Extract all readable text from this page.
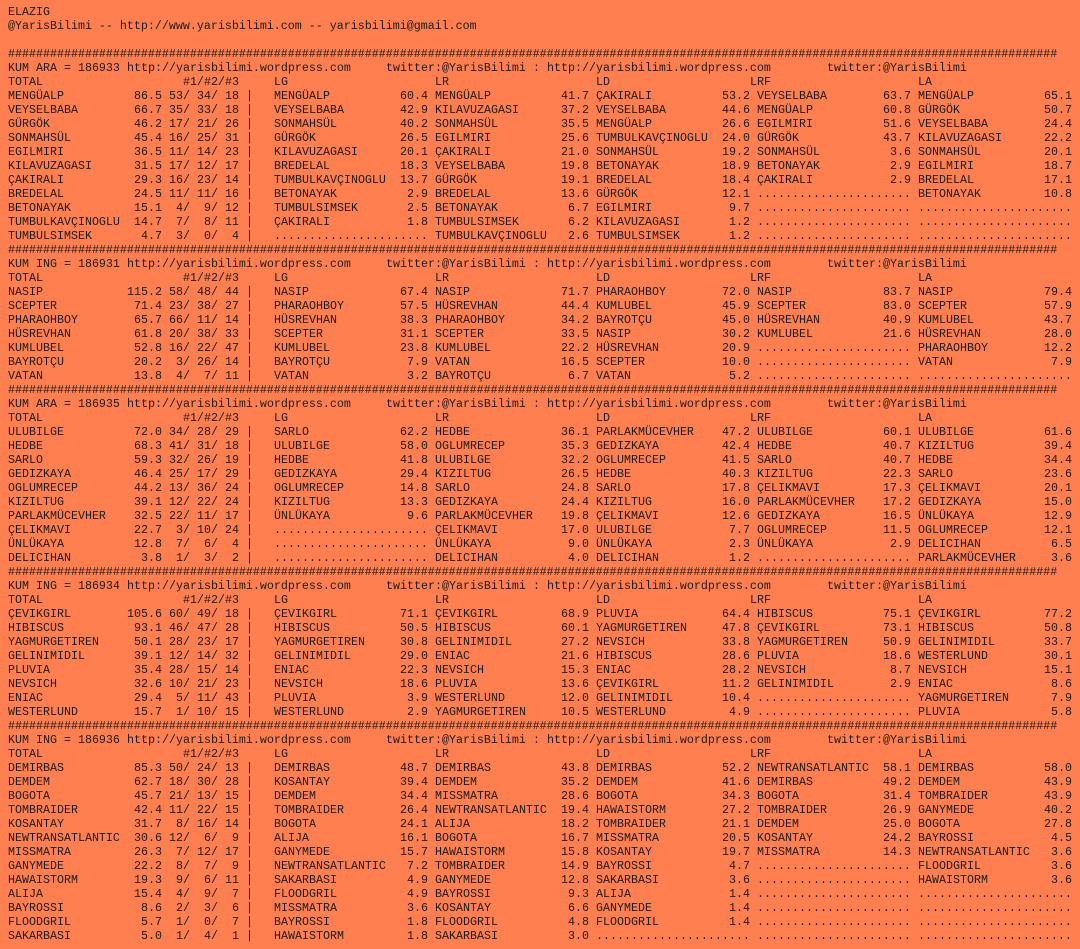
ELAZIG
@YarisBilimi -- http://www.yarisbilimi.com -- yarisbilimi@gmail.com
######################################################################################################################################################
KUM ARA = 186933 http://yarisbilimi.wordpress.com	twitter:@YarisBilimi : http://yarisbilimi.wordpress.com	twitter:@YarisBilimi
TOTAL	#1/#2/#3	LG	LR	LD	LRF	LA
MENGÜALP	86.5 53 / 34 / 18 | MENGÜALP	60.4 MENGÜALP	41.7 ÇAKIRALI	53.2 VEYSELBABA	63.7 MENGÜALP	65.1
VEYSELBABA	66.7 35 / 33 / 18 | VEYSELBABA	42.9 KILAVUZAGASI	37.2 VEYSELBABA	44.6 MENGÜALP	60.8 GÜRGÖK	50.7
GÜRGÖK	46.2 17 / 21 / 26 | SONMAHSÜL	40.2 SONMAHSÜL	35.5 MENGÜALP	26.6 EGILMIRI	51.6 VEYSELBABA	24.4
SONMAHSÜL	45.4 16 / 25 / 31 | GÜRGÖK	26.5 EGILMIRI	25.6 TUMBULKAVÇINOGLU	24.0 GÜRGÖK	43.7 KILAVUZAGASI	22.2
EGILMIRI	36.5 11 / 14 / 23 | KILAVUZAGASI	20.1 ÇAKIRALI	21.0 SONMAHSÜL	19.2 SONMAHSÜL	3.6 SONMAHSÜL	20.1
KILAVUZAGASI	31.5 17 / 12 / 17 | BREDELAL	18.3 VEYSELBABA	19.8 BETONAYAK	18.9 BETONAYAK	2.9 EGILMIRI	18.7
ÇAKIRALI	29.3 16 / 23 / 14 | TUMBULKAVÇINOGLU	13.7 GÜRGÖK	19.1 BREDELAL	18.4 ÇAKIRALI	2.9 BREDELAL	17.1
BREDELAL	24.5 11 / 11 / 16 | BETONAYAK	2.9 BREDELAL	13.6 GÜRGÖK	12.1 ...................... BETONAYAK	10.8
BETONAYAK	15.1	4 /	9 / 12 | TUMBULSIMSEK	2.5 BETONAYAK	6.7 EGILMIRI	9.7 ...................... ......................
TUMBULKAVÇINOGLU	14.7	7 /	8 / 11 | ÇAKIRALI	1.8 TUMBULSIMSEK	6.2 KILAVUZAGASI	1.2 ...................... ......................
TUMBULSIMSEK	4.7	3 /	0 /	4 | ...................... TUMBULKAVÇINOGLU	2.6 TUMBULSIMSEK	1.2 ...................... ......................
######################################################################################################################################################
KUM ING = 186931 http://yarisbilimi.wordpress.com	twitter:@YarisBilimi : http://yarisbilimi.wordpress.com	twitter:@YarisBilimi
TOTAL	#1/#2/#3	LG	LR	LD	LRF	LA
NASIP	115.2 58 / 48 / 44 | NASIP	67.4 NASIP	71.7 PHARAOHBOY	72.0 NASIP	83.7 NASIP	79.4
SCEPTER	71.4 23 / 38 / 27 | PHARAOHBOY	57.5 HÜSREVHAN	44.4 KUMLUBEL	45.9 SCEPTER	83.0 SCEPTER	57.9
PHARAOHBOY	65.7 66 / 11 / 14 | HÜSREVHAN	38.3 PHARAOHBOY	34.2 BAYROTÇU	45.0 HÜSREVHAN	40.9 KUMLUBEL	43.7
HÜSREVHAN	61.8 20 / 38 / 33 | SCEPTER	31.1 SCEPTER	33.5 NASIP	30.2 KUMLUBEL	21.6 HÜSREVHAN	28.0
KUMLUBEL	52.8 16 / 22 / 47 | KUMLUBEL	23.8 KUMLUBEL	22.2 HÜSREVHAN	20.9 ...................... PHARAOHBOY	12.2
BAYROTÇU	20.2	3 / 26 / 14 | BAYROTÇU	7.9 VATAN	16.5 SCEPTER	10.0 ...................... VATAN	7.9
VATAN	13.8	4 /	7 / 11 | VATAN	3.2 BAYROTÇU	6.7 VATAN	5.2 ...................... ......................
######################################################################################################################################################
KUM ARA = 186935 http://yarisbilimi.wordpress.com	twitter:@YarisBilimi : http://yarisbilimi.wordpress.com	twitter:@YarisBilimi
TOTAL	#1/#2/#3	LG	LR	LD	LRF	LA
ULUBILGE	72.0 34 / 28 / 29 | SARLO	62.2 HEDBE	36.1 PARLAKMÜCEVHER	47.2 ULUBILGE	60.1 ULUBILGE	61.6
HEDBE	68.3 41 / 31 / 18 | ULUBILGE	58.0 OGLUMRECEP	35.3 GEDIZKAYA	42.4 HEDBE	40.7 KIZILTUG	39.4
SARLO	59.3 32 / 26 / 19 | HEDBE	41.8 ULUBILGE	32.2 OGLUMRECEP	41.5 SARLO	40.7 HEDBE	34.4
GEDIZKAYA	46.4 25 / 17 / 29 | GEDIZKAYA	29.4 KIZILTUG	26.5 HEDBE	40.3 KIZILTUG	22.3 SARLO	23.6
OGLUMRECEP	44.2 13 / 36 / 24 | OGLUMRECEP	14.8 SARLO	24.8 SARLO	17.8 ÇELIKMAVI	17.3 ÇELIKMAVI	20.1
KIZILTUG	39.1 12 / 22 / 24 | KIZILTUG	13.3 GEDIZKAYA	24.4 KIZILTUG	16.0 PARLAKMÜCEVHER	17.2 GEDIZKAYA	15.0
PARLAKMÜCEVHER	32.5 22 / 11 / 17 | ÜNLÜKAYA	9.6 PARLAKMÜCEVHER	19.8 ÇELIKMAVI	12.6 GEDIZKAYA	16.5 ÜNLÜKAYA	12.9
ÇELIKMAVI	22.7	3 / 10 / 24 | ...................... ÇELIKMAVI	17.0 ULUBILGE	7.7 OGLUMRECEP	11.5 OGLUMRECEP	12.1
ÜNLÜKAYA	12.8	7 /	6 /	4 | ...................... ÜNLÜKAYA	9.0 ÜNLÜKAYA	2.3 ÜNLÜKAYA	2.9 DELICIHAN	6.5
DELICIHAN	3.8	1 /	3 /	2 | ...................... DELICIHAN	4.0 DELICIHAN	1.2 ...................... PARLAKMÜCEVHER	3.6
######################################################################################################################################################
KUM ING = 186934 http://yarisbilimi.wordpress.com	twitter:@YarisBilimi : http://yarisbilimi.wordpress.com	twitter:@YarisBilimi
TOTAL	#1/#2/#3	LG	LR	LD	LRF	LA
ÇEVIKGIRL	105.6 60 / 49 / 18 | ÇEVIKGIRL	71.1 ÇEVIKGIRL	68.9 PLUVIA	64.4 HIBISCUS	75.1 ÇEVIKGIRL	77.2
HIBISCUS	93.1 46 / 47 / 28 | HIBISCUS	50.5 HIBISCUS	60.1 YAGMURGETIREN	47.8 ÇEVIKGIRL	73.1 HIBISCUS	50.8
YAGMURGETIREN	50.1 28 / 23 / 17 | YAGMURGETIREN	30.8 GELINIMIDIL	27.2 NEVSICH	33.8 YAGMURGETIREN	50.9 GELINIMIDIL	33.7
GELINIMIDIL	39.1 12 / 14 / 32 | GELINIMIDIL	29.0 ENIAC	21.6 HIBISCUS	28.6 PLUVIA	18.6 WESTERLUND	30.1
PLUVIA	35.4 28 / 15 / 14 | ENIAC	22.3 NEVSICH	15.3 ENIAC	28.2 NEVSICH	8.7 NEVSICH	15.1
NEVSICH	32.6 10 / 21 / 23 | NEVSICH	18.6 PLUVIA	13.6 ÇEVIKGIRL	11.2 GELINIMIDIL	2.9 ENIAC	8.6
ENIAC	29.4	5 / 11 / 43 | PLUVIA	3.9 WESTERLUND	12.0 GELINIMIDIL	10.4 ...................... YAGMURGETIREN	7.9
WESTERLUND	15.7	1 / 10 / 15 | WESTERLUND	2.9 YAGMURGETIREN	10.5 WESTERLUND	4.9 ...................... PLUVIA	5.8
######################################################################################################################################################
KUM ING = 186936 http://yarisbilimi.wordpress.com	twitter:@YarisBilimi : http://yarisbilimi.wordpress.com	twitter:@YarisBilimi
TOTAL	#1/#2/#3	LG	LR	LD	LRF	LA
DEMIRBAS	85.3 50 / 24 / 13 | DEMIRBAS	48.7 DEMIRBAS	43.8 DEMIRBAS	52.2 NEWTRANSATLANTIC	58.1 DEMIRBAS	58.0
DEMDEM	62.7 18 / 30 / 28 | KOSANTAY	39.4 DEMDEM	35.2 DEMDEM	41.6 DEMIRBAS	49.2 DEMDEM	43.9
BOGOTA	45.7 21 / 13 / 15 | DEMDEM	34.4 MISSMATRA	28.6 BOGOTA	34.3 BOGOTA	31.4 TOMBRAIDER	43.9
TOMBRAIDER	42.4 11 / 22 / 15 | TOMBRAIDER	26.4 NEWTRANSATLANTIC	19.4 HAWAISTORM	27.2 TOMBRAIDER	26.9 GANYMEDE	40.2
KOSANTAY	31.7	8 / 16 / 14 | BOGOTA	24.1 ALIJA	18.2 TOMBRAIDER	21.1 DEMDEM	25.0 BOGOTA	27.8
NEWTRANSATLANTIC	30.6 12 /	6 /	9 | ALIJA	16.1 BOGOTA	16.7 MISSMATRA	20.5 KOSANTAY	24.2 BAYROSSI	4.5
MISSMATRA	26.3	7 / 12 / 17 | GANYMEDE	15.7 HAWAISTORM	15.8 KOSANTAY	19.7 MISSMATRA	14.3 NEWTRANSATLANTIC	3.6
GANYMEDE	22.2	8 /	7 /	9 | NEWTRANSATLANTIC	7.2 TOMBRAIDER	14.9 BAYROSSI	4.7 ...................... FLOODGRIL	3.6
HAWAISTORM	19.3	9 /	6 / 11 | SAKARBASI	4.9 GANYMEDE	12.8 SAKARBASI	3.6 ...................... HAWAISTORM	3.6
ALIJA	15.4	4 /	9 /	7 | FLOODGRIL	4.9 BAYROSSI	9.3 ALIJA	1.4 ...................... ......................
BAYROSSI	8.6	2 /	3 /	6 | MISSMATRA	3.6 KOSANTAY	6.6 GANYMEDE	1.4 ...................... ......................
FLOODGRIL	5.7	1 /	0 /	7 | BAYROSSI	1.8 FLOODGRIL	4.8 FLOODGRIL	1.4 ...................... ......................
SAKARBASI	5.0	1 /	4 /	1 | HAWAISTORM	1.8 SAKARBASI	3.0 ...................... ...................... ......................
